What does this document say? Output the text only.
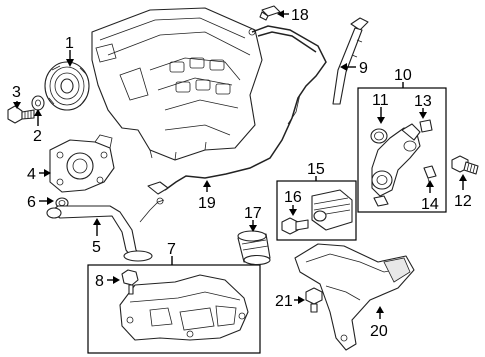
1
2
3
4
5
6
7
8
9 10
11
12
13
14
15
16
17
18
19
20
21
